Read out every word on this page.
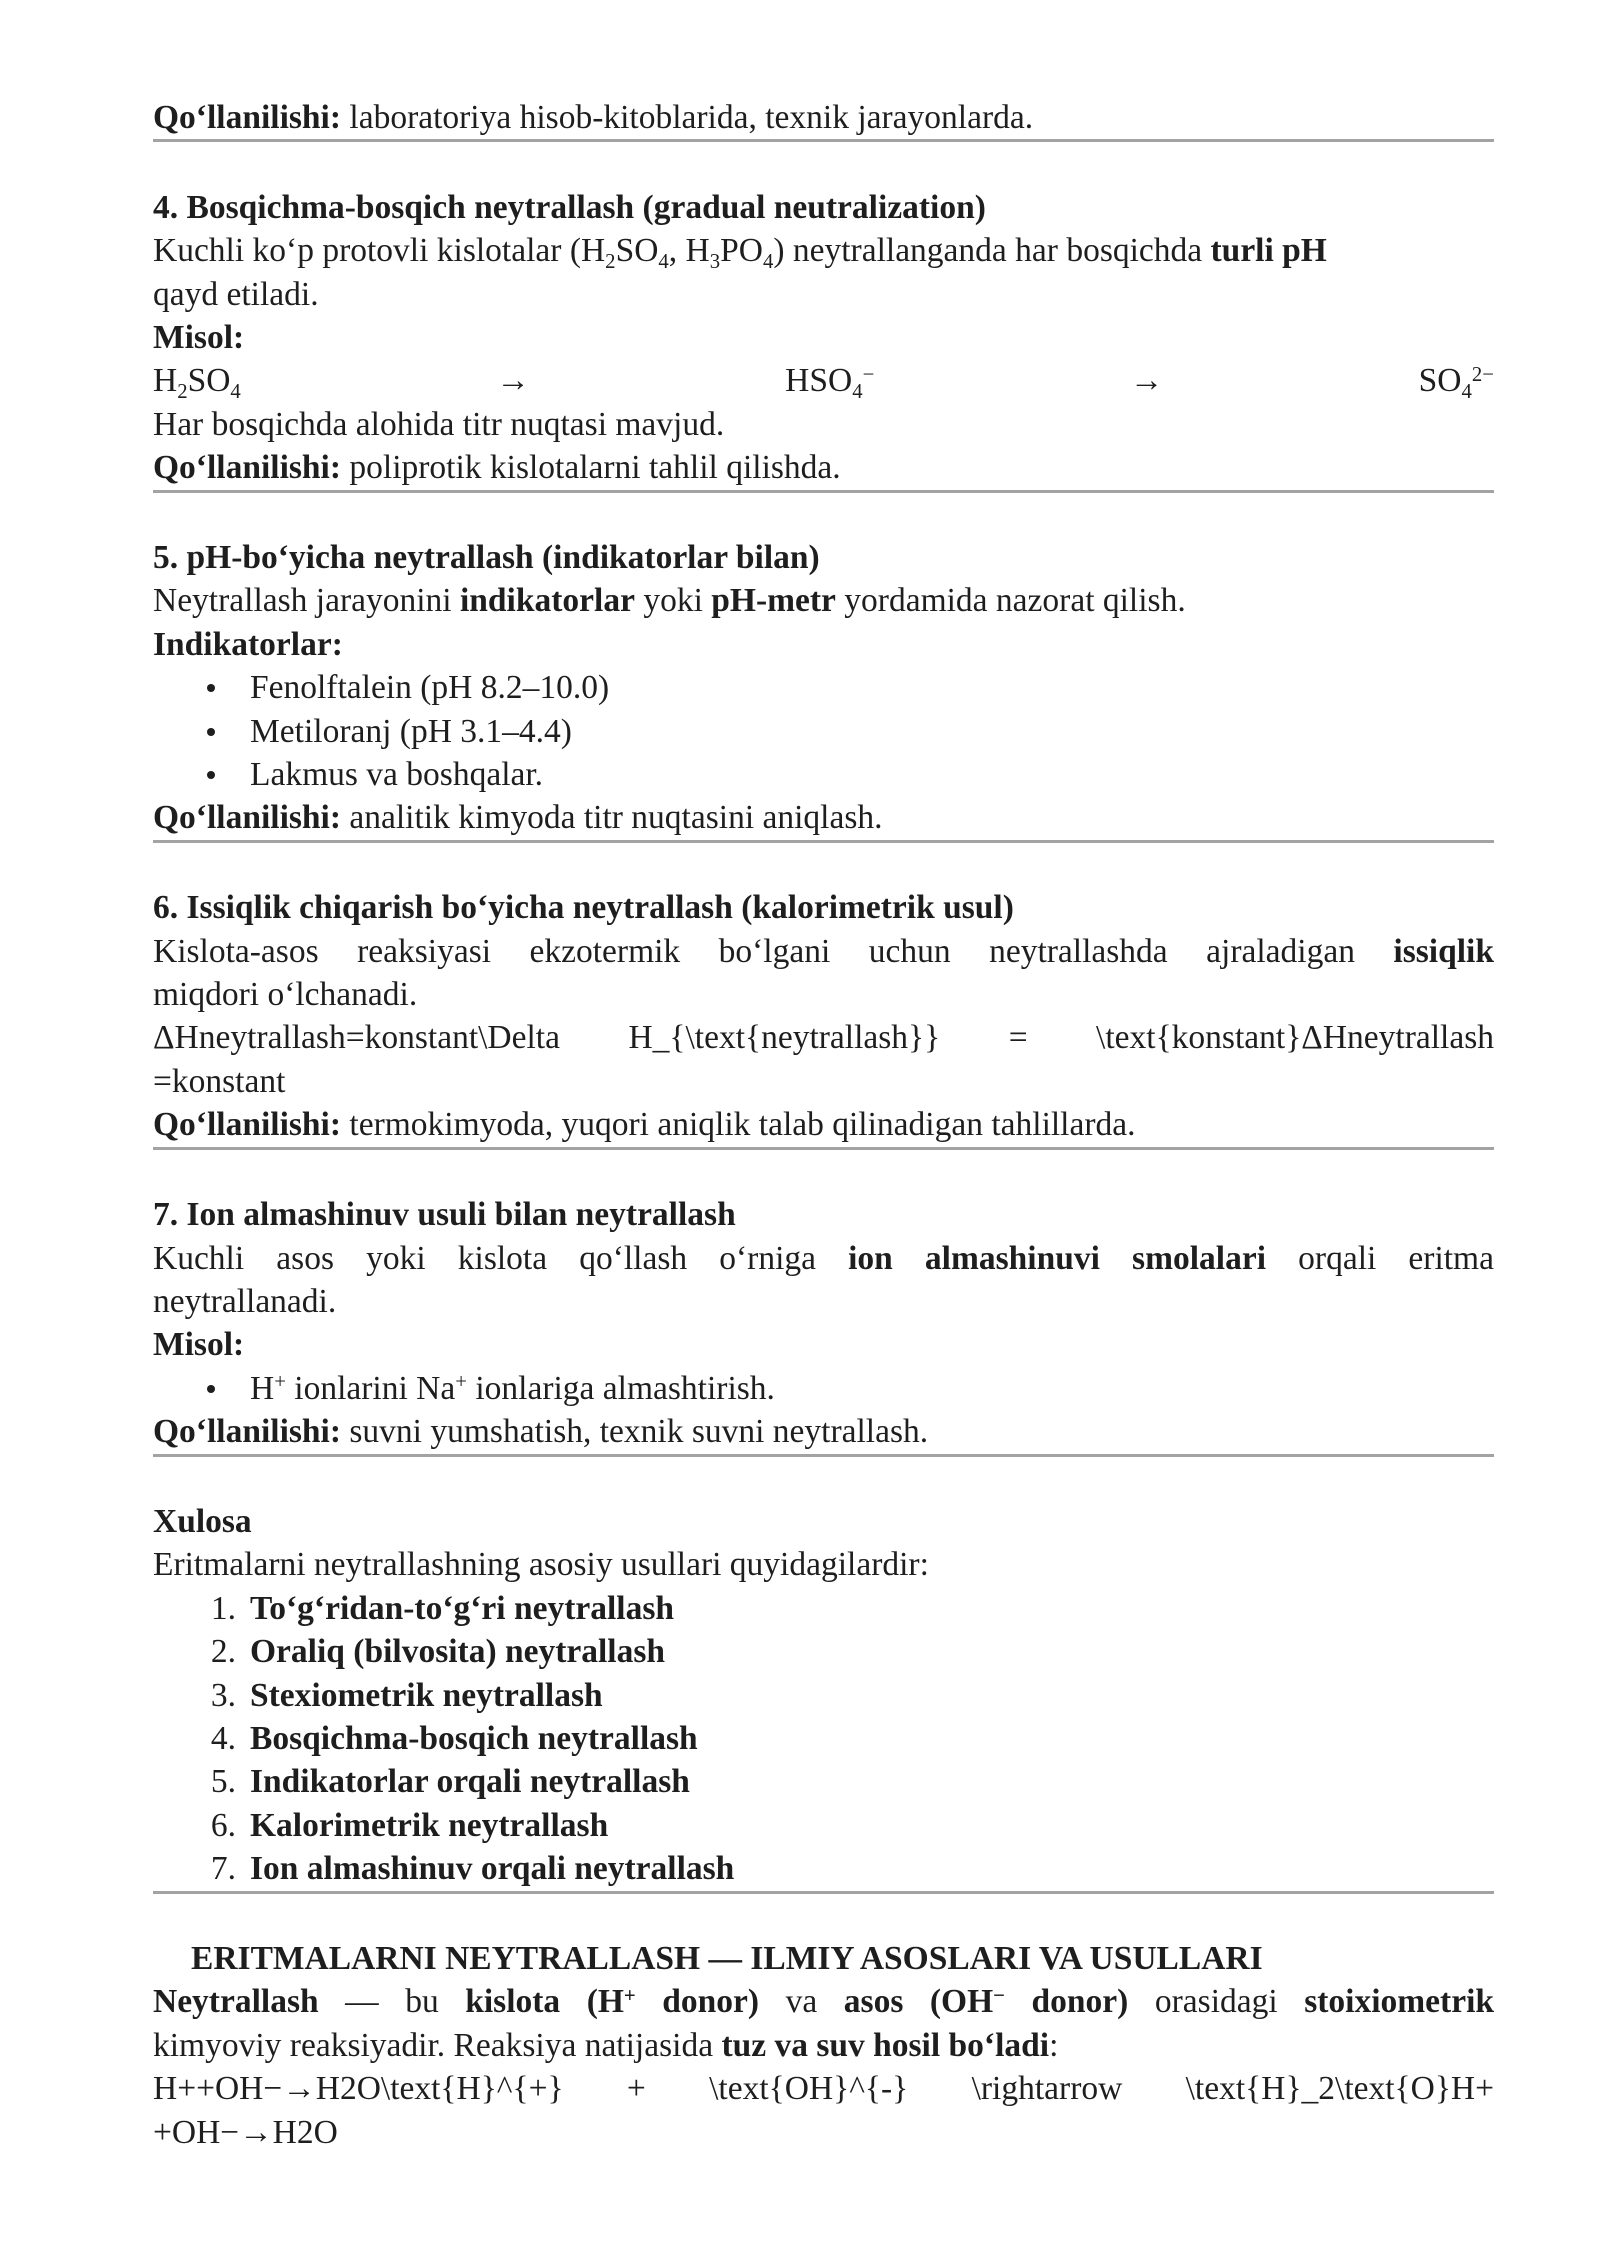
Qo‘llanilishi: laboratoriya hisob-kitoblarida, texnik jarayonlarda.
4. Bosqichma-bosqich neytrallash (gradual neutralization)
Kuchli ko‘p protovli kislotalar ($H_2SO_4$, $H_3PO_4$) neytrallanganda har bosqichda turli pH
qayd etiladi.
Misol:
$H_2SO_4$	→	$HSO_4^-$	→	$SO_4^{2-}$
Har bosqichda alohida titr nuqtasi mavjud.
Qo‘llanilishi: poliprotik kislotalarni tahlil qilishda.
5. pH-bo‘yicha neytrallash (indikatorlar bilan)
Neytrallash jarayonini indikatorlar yoki pH-metr yordamida nazorat qilish.
Indikatorlar:
Fenolftalein (pH 8.2–10.0)
Metiloranj (pH 3.1–4.4)
Lakmus va boshqalar.
Qo‘llanilishi: analitik kimyoda titr nuqtasini aniqlash.
6. Issiqlik chiqarish bo‘yicha neytrallash (kalorimetrik usul)
Kislota-asos reaksiyasi ekzotermik bo‘lgani uchun neytrallashda ajraladigan issiqlik
miqdori o‘lchanadi.
ΔHneytrallash=konstant\Delta H_{\text{neytrallash}} = \text{konstant}ΔHneytrallash
=konstant
Qo‘llanilishi: termokimyoda, yuqori aniqlik talab qilinadigan tahlillarda.
7. Ion almashinuv usuli bilan neytrallash
Kuchli asos yoki kislota qo‘llash o‘rniga ion almashinuvi smolalari orqali eritma
neytrallanadi.
Misol:
H+ ionlarini Na+ ionlariga almashtirish.
Qo‘llanilishi: suvni yumshatish, texnik suvni neytrallash.
Xulosa
Eritmalarni neytrallashning asosiy usullari quyidagilardir:
1. To‘g‘ridan-to‘g‘ri neytrallash
2. Oraliq (bilvosita) neytrallash
3. Stexiometrik neytrallash
4. Bosqichma-bosqich neytrallash
5. Indikatorlar orqali neytrallash
6. Kalorimetrik neytrallash
7. Ion almashinuv orqali neytrallash
ERITMALARNI NEYTRALLASH — ILMIY ASOSLARI VA USULLARI
Neytrallash — bu kislota (H+ donor) va asos (OH− donor) orasidagi stoixiometrik
kimyoviy reaksiyadir. Reaksiya natijasida tuz va suv hosil bo‘ladi:
H++OH−→H2O\text{H}^{+} + \text{OH}^{-} \rightarrow \text{H}_2\text{O}H+
+OH−→H2O
